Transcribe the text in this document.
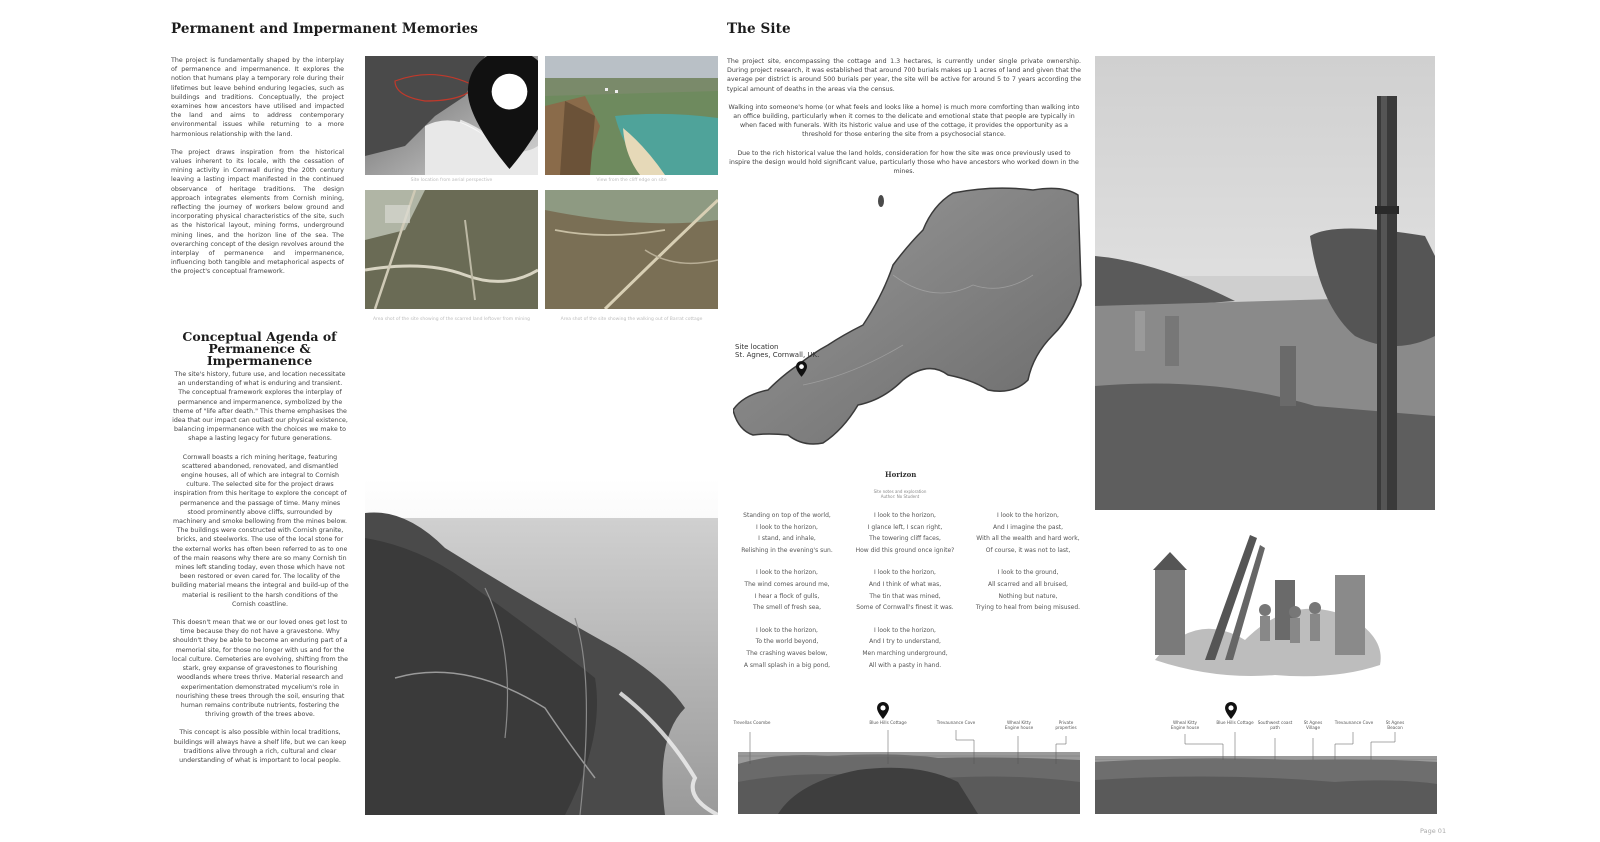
Permanent and Impermanent Memories

The project is fundamentally shaped by the interplay of permanence and impermanence. It explores the notion that humans play a temporary role during their lifetimes but leave behind enduring legacies, such as buildings and traditions. Conceptually, the project examines how ancestors have utilised and impacted the land and aims to address contemporary environmental issues while returning to a more harmonious relationship with the land.

The project draws inspiration from the historical values inherent to its locale, with the cessation of mining activity in Cornwall during the 20th century leaving a lasting impact manifested in the continued observance of heritage traditions. The design approach integrates elements from Cornish mining, reflecting the journey of workers below ground and incorporating physical characteristics of the site, such as the historical layout, mining forms, underground mining lines, and the horizon line of the sea. The overarching concept of the design revolves around the interplay of permanence and impermanence, influencing both tangible and metaphorical aspects of the project's conceptual framework.

Conceptual Agenda of
Permanence & Impermanence

The site's history, future use, and location necessitate an understanding of what is enduring and transient. The conceptual framework explores the interplay of permanence and impermanence, symbolized by the theme of "life after death." This theme emphasises the idea that our impact can outlast our physical existence, balancing impermanence with the choices we make to shape a lasting legacy for future generations.

Cornwall boasts a rich mining heritage, featuring scattered abandoned, renovated, and dismantled engine houses, all of which are integral to Cornish culture. The selected site for the project draws inspiration from this heritage to explore the concept of permanence and the passage of time. Many mines stood prominently above cliffs, surrounded by machinery and smoke bellowing from the mines below. The buildings were constructed with Cornish granite, bricks, and steelworks. The use of the local stone for the external works has often been referred to as to one of the main reasons why there are so many Cornish tin mines left standing today, even those which have not been restored or even cared for. The locality of the building material means the integral and build-up of the material is resilient to the harsh conditions of the Cornish coastline.

This doesn't mean that we or our loved ones get lost to time because they do not have a gravestone. Why shouldn't they be able to become an enduring part of a memorial site, for those no longer with us and for the local culture. Cemeteries are evolving, shifting from the stark, grey expanse of gravestones to flourishing woodlands where trees thrive. Material research and experimentation demonstrated mycelium's role in nourishing these trees through the soil, ensuring that human remains contribute nutrients, fostering the thriving growth of the trees above.

This concept is also possible within local traditions, buildings will always have a shelf life, but we can keep traditions alive through a rich, cultural and clear understanding of what is important to local people.

Site location from aerial perspective	View from the cliff edge on site
Area shot of the site showing of the scarred land leftover from mining	Area shot of the site showing the walking out of Barrat cottage
The Site

The project site, encompassing the cottage and 1.3 hectares, is currently under single private ownership. During project research, it was established that around 700 burials makes up 1 acres of land and given that the average per district is around 500 burials per year, the site will be active for around 5 to 7 years according the typical amount of deaths in the areas via the census.

Walking into someone's home (or what feels and looks like a home) is much more comforting than walking into an office building, particularly when it comes to the delicate and emotional state that people are typically in when faced with funerals. With its historic value and use of the cottage, it provides the opportunity as a threshold for those entering the site from a psychosocial stance.

Due to the rich historical value the land holds, consideration for how the site was once previously used to inspire the design would hold significant value, particularly those who have ancestors who worked down in the mines.

Site location
St. Agnes, Cornwall, UK.
Horizon
Site notes and exploration
Author: No Student
Standing on top of the world,
I look to the horizon,
I stand, and inhale,
Relishing in the evening's sun.
I look to the horizon,
The wind comes around me,
I hear a flock of gulls,
The smell of fresh sea,
I look to the horizon,
To the world beyond,
The crashing waves below,
A small splash in a big pond,
I look to the horizon,
I glance left, I scan right,
The towering cliff faces,
How did this ground once ignite?
I look to the horizon,
And I think of what was,
The tin that was mined,
Some of Cornwall's finest it was.
I look to the horizon,
And I try to understand,
Men marching underground,
All with a pasty in hand.
I look to the horizon,
And I imagine the past,
With all the wealth and hard work,
Of course, it was not to last,
I look to the ground,
All scarred and all bruised,
Nothing but nature,
Trying to heal from being misused.
Trevellas Coombe	Blue Hills Cottage	Trevaunance Cove	Wheal Kitty Engine house
Private properties
Wheal Kitty Engine house
Blue Hills Cottage Southwest coast path
St Agnes Village
Trevaunance Cove	St Agnes Beacon
Page 01
